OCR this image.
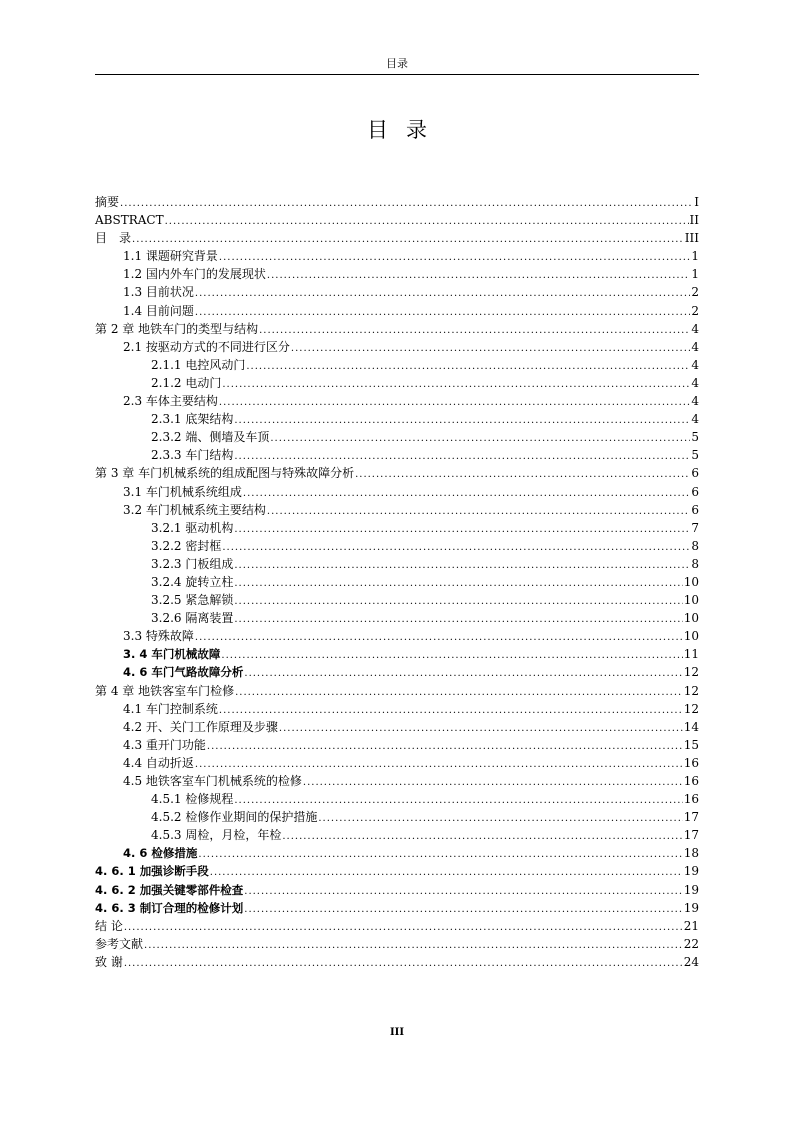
目录
目录
摘要 .....	I
ABSTRACT .....	II
目　录 .....	III
1.1 课题研究背景 .....	1
1.2 国内外车门的发展现状 .....	1
1.3 目前状况 .....	2
1.4 目前问题 .....	2
第 2 章 地铁车门的类型与结构 .....	4
2.1 按驱动方式的不同进行区分 .....	4
2.1.1 电控风动门 .....	4
2.1.2 电动门 .....	4
2.3 车体主要结构 .....	4
2.3.1 底架结构 .....	4
2.3.2 端、侧墙及车顶 .....	5
2.3.3 车门结构 .....	5
第 3 章 车门机械系统的组成配图与特殊故障分析 .....	6
3.1 车门机械系统组成 .....	6
3.2 车门机械系统主要结构 .....	6
3.2.1 驱动机构 .....	7
3.2.2 密封框 .....	8
3.2.3 门板组成 .....	8
3.2.4 旋转立柱 .....	10
3.2.5 紧急解锁 .....	10
3.2.6 隔离装置 .....	10
3.3 特殊故障 .....	10
3. 4 车门机械故障 .....	11
4. 6 车门气路故障分析 .....	12
第 4 章 地铁客室车门检修 .....	12
4.1 车门控制系统 .....	12
4.2 开、关门工作原理及步骤 .....	14
4.3 重开门功能 .....	15
4.4 自动折返 .....	16
4.5 地铁客室车门机械系统的检修 .....	16
4.5.1 检修规程 .....	16
4.5.2 检修作业期间的保护措施 .....	17
4.5.3 周检，月检，年检 .....	17
4. 6 检修措施 .....	18
4. 6. 1 加强诊断手段 .....	19
4. 6. 2 加强关键零部件检查 .....	19
4. 6. 3 制订合理的检修计划 .....	19
结 论 .....	21
参考文献 .....	22
致 谢 .....	24
III
